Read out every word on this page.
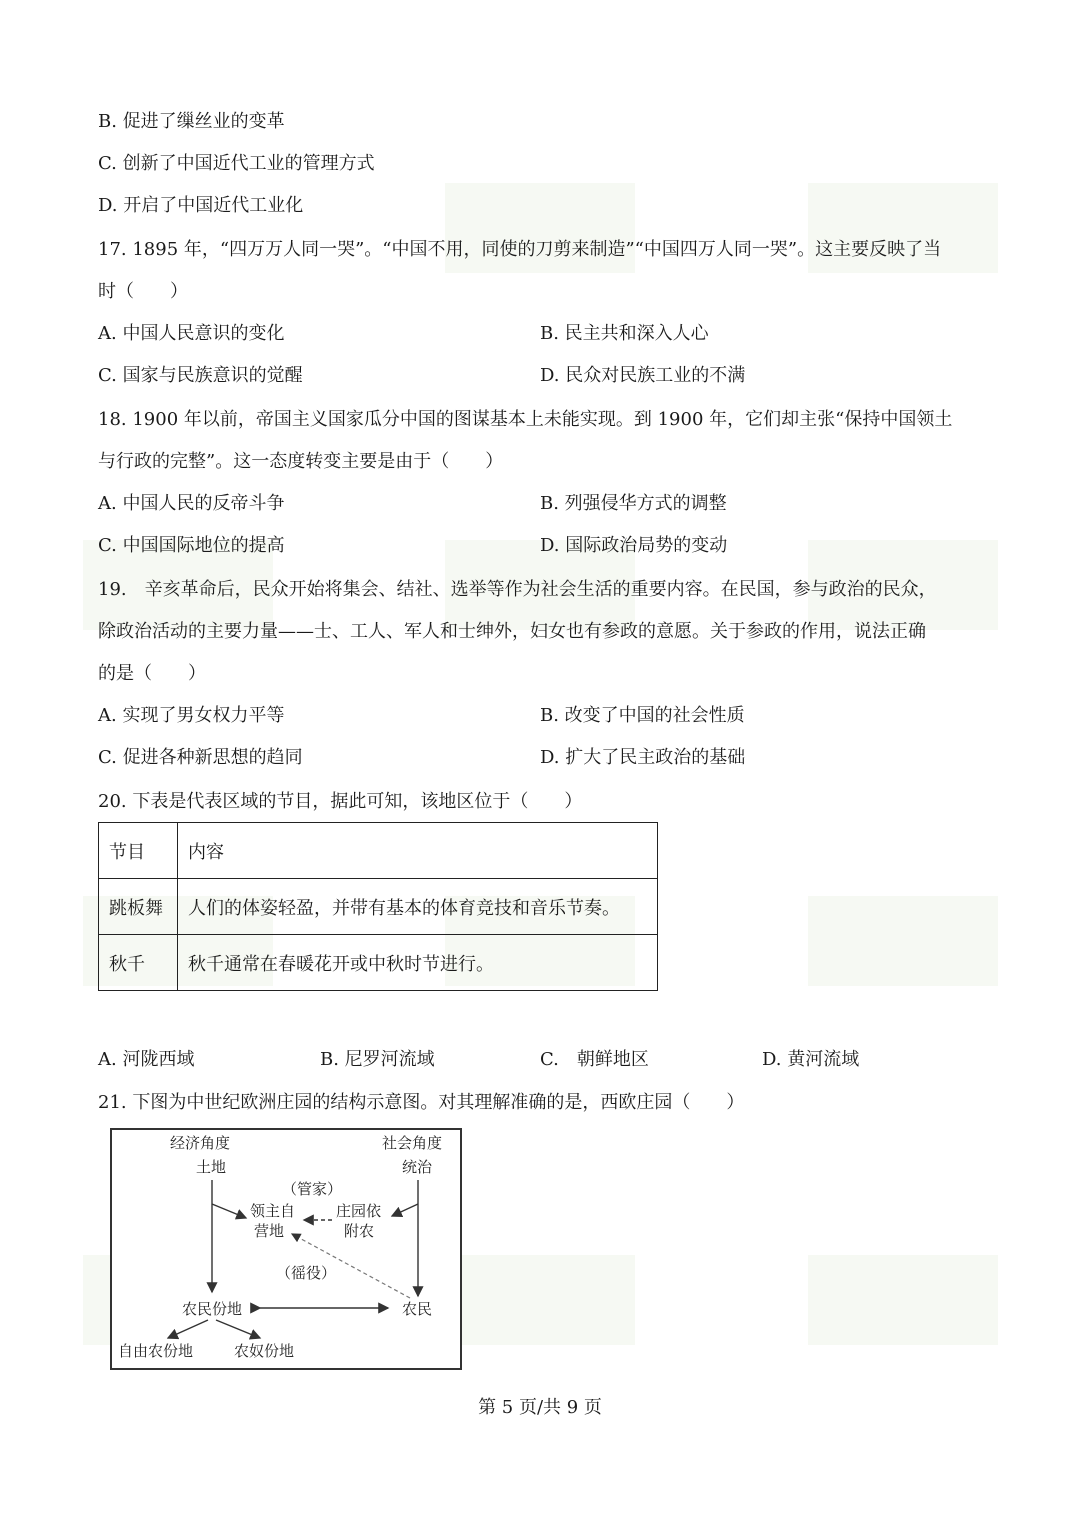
B. 促进了缫丝业的变革
C. 创新了中国近代工业的管理方式
D. 开启了中国近代工业化
17. 1895 年，“四万万人同一哭”。“中国不用，同使的刀剪来制造”“中国四万人同一哭”。这主要反映了当
时（　　）
A. 中国人民意识的变化	B. 民主共和深入人心
C. 国家与民族意识的觉醒	D. 民众对民族工业的不满
18. 1900 年以前，帝国主义国家瓜分中国的图谋基本上未能实现。到 1900 年，它们却主张“保持中国领土
与行政的完整”。这一态度转变主要是由于（　　）
A. 中国人民的反帝斗争	B. 列强侵华方式的调整
C. 中国国际地位的提高	D. 国际政治局势的变动
19.　辛亥革命后，民众开始将集会、结社、选举等作为社会生活的重要内容。在民国，参与政治的民众，
除政治活动的主要力量——士、工人、军人和士绅外，妇女也有参政的意愿。关于参政的作用，说法正确
的是（　　）
A. 实现了男女权力平等	B. 改变了中国的社会性质
C. 促进各种新思想的趋同	D. 扩大了民主政治的基础
20. 下表是代表区域的节目，据此可知，该地区位于（　　）
节目	内容
跳板舞	人们的体姿轻盈，并带有基本的体育竞技和音乐节奏。
秋千	秋千通常在春暖花开或中秋时节进行。
A. 河陇西域	B. 尼罗河流域	C.　朝鲜地区	D. 黄河流域
21. 下图为中世纪欧洲庄园的结构示意图。对其理解准确的是，西欧庄园（　　）
经济角度	社会角度
土地	统治
（管家）
领主自
营地
庄园依
附农
（徭役）
农民份地	农民
自由农份地	农奴份地
第 5 页/共 9 页
